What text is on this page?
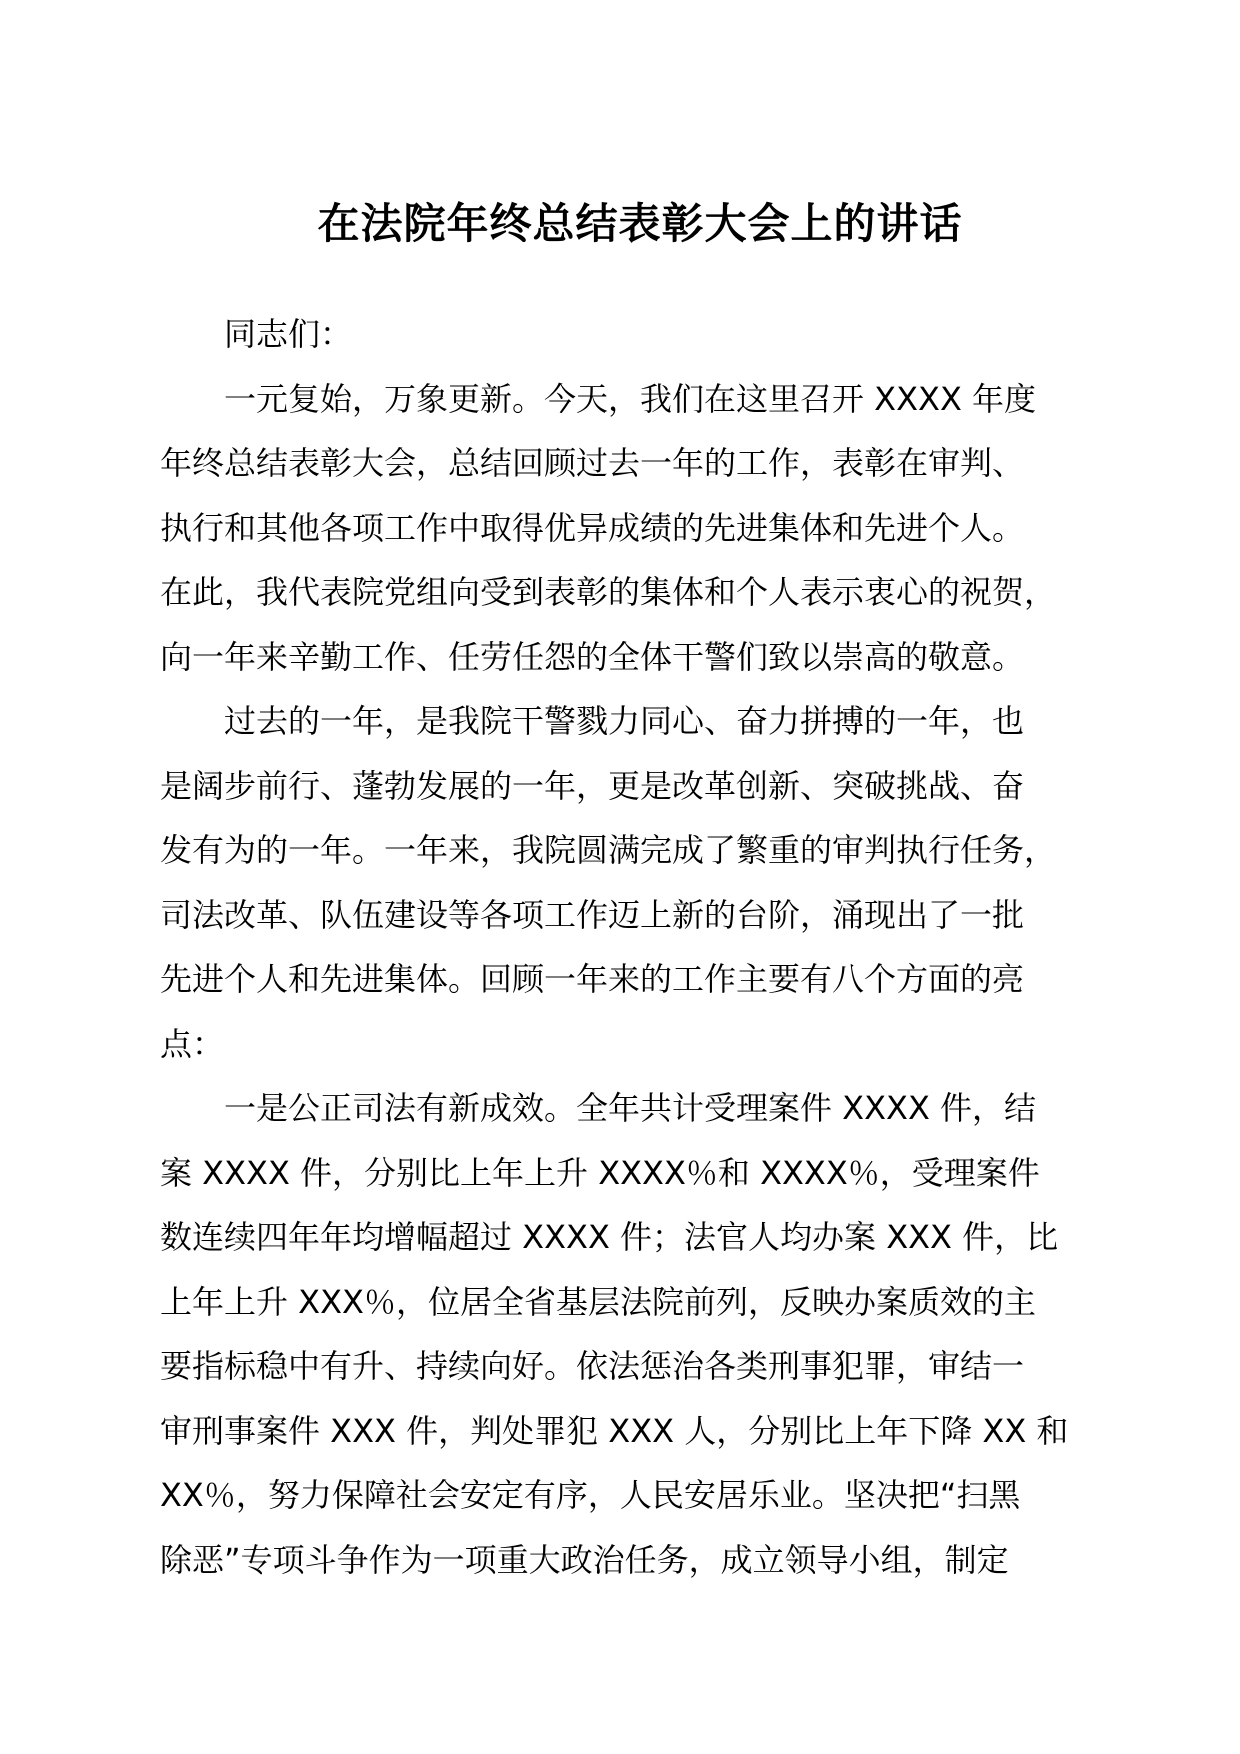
在法院年终总结表彰大会上的讲话
同志们：
一元复始，万象更新。今天，我们在这里召开 XXXX 年度
年终总结表彰大会，总结回顾过去一年的工作，表彰在审判、
执行和其他各项工作中取得优异成绩的先进集体和先进个人。
在此，我代表院党组向受到表彰的集体和个人表示衷心的祝贺，
向一年来辛勤工作、任劳任怨的全体干警们致以崇高的敬意。
过去的一年，是我院干警戮力同心、奋力拼搏的一年，也
是阔步前行、蓬勃发展的一年，更是改革创新、突破挑战、奋
发有为的一年。一年来，我院圆满完成了繁重的审判执行任务，
司法改革、队伍建设等各项工作迈上新的台阶，涌现出了一批
先进个人和先进集体。回顾一年来的工作主要有八个方面的亮
点：
一是公正司法有新成效。全年共计受理案件 XXXX 件，结
案 XXXX 件，分别比上年上升 XXXX％和 XXXX％，受理案件
数连续四年年均增幅超过 XXXX 件；法官人均办案 XXX 件，比
上年上升 XXX％，位居全省基层法院前列，反映办案质效的主
要指标稳中有升、持续向好。依法惩治各类刑事犯罪，审结一
审刑事案件 XXX 件，判处罪犯 XXX 人，分别比上年下降 XX 和
XX％，努力保障社会安定有序，人民安居乐业。坚决把“扫黑
除恶”专项斗争作为一项重大政治任务，成立领导小组，制定
